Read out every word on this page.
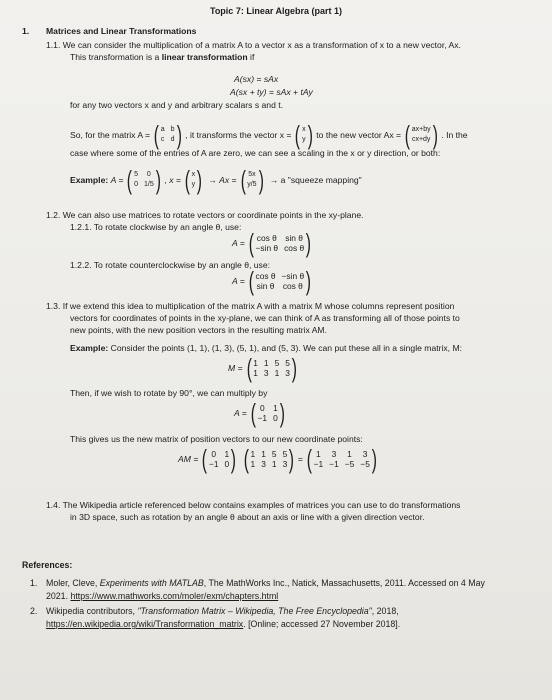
Topic 7: Linear Algebra (part 1)
1. Matrices and Linear Transformations
1.1. We can consider the multiplication of a matrix A to a vector x as a transformation of x to a new vector, Ax.
This transformation is a linear transformation if
A(sx) = sAx
A(sx + ty) = sAx + tAy
for any two vectors x and y and arbitrary scalars s and t.
So, for the matrix A = ( a b
c d ) , it transforms the vector x = ( x
y ) to the new vector Ax = ( ax+by
cx+dy ) . In the
case where some of the entries of A are zero, we can see a scaling in the x or y direction, or both:
Example:
A = ( 5	0
0 1/5 ) ,
x = ( x
y )
→
Ax = ( 5x
y/5 )
→ a "squeeze mapping"
1.2. We can also use matrices to rotate vectors or coordinate points in the xy-plane.
1.2.1. To rotate clockwise by an angle θ, use:
A = ( cos θ sin θ
−sin θ cos θ )
1.2.2. To rotate counterclockwise by an angle θ, use:
A = ( cos θ −sin θ
sin θ cos θ )
1.3. If we extend this idea to multiplication of the matrix A with a matrix M whose columns represent position
vectors for coordinates of points in the xy-plane, we can think of A as transforming all of those points to
new points, with the new position vectors in the resulting matrix AM.
Example: Consider the points (1, 1), (1, 3), (5, 1), and (5, 3). We can put these all in a single matrix, M:
M = ( 1 1 5 5
1 3 1 3 )
Then, if we wish to rotate by 90°, we can multiply by
A = ( 0 1
−1 0 )
This gives us the new matrix of position vectors to our new coordinate points:
AM = ( 0 1
−1 0 ) ( 1 1 5 5
1 3 1 3 ) = ( 1 3 1 3
−1 −1 −5 −5 )
1.4. The Wikipedia article referenced below contains examples of matrices you can use to do transformations
in 3D space, such as rotation by an angle θ about an axis or line with a given direction vector.
References:
1. Moler, Cleve, Experiments with MATLAB, The MathWorks Inc., Natick, Massachusetts, 2011. Accessed on 4 May
2021. https://www.mathworks.com/moler/exm/chapters.html
2. Wikipedia contributors, "Transformation Matrix – Wikipedia, The Free Encyclopedia", 2018,
https://en.wikipedia.org/wiki/Transformation_matrix. [Online; accessed 27 November 2018].
